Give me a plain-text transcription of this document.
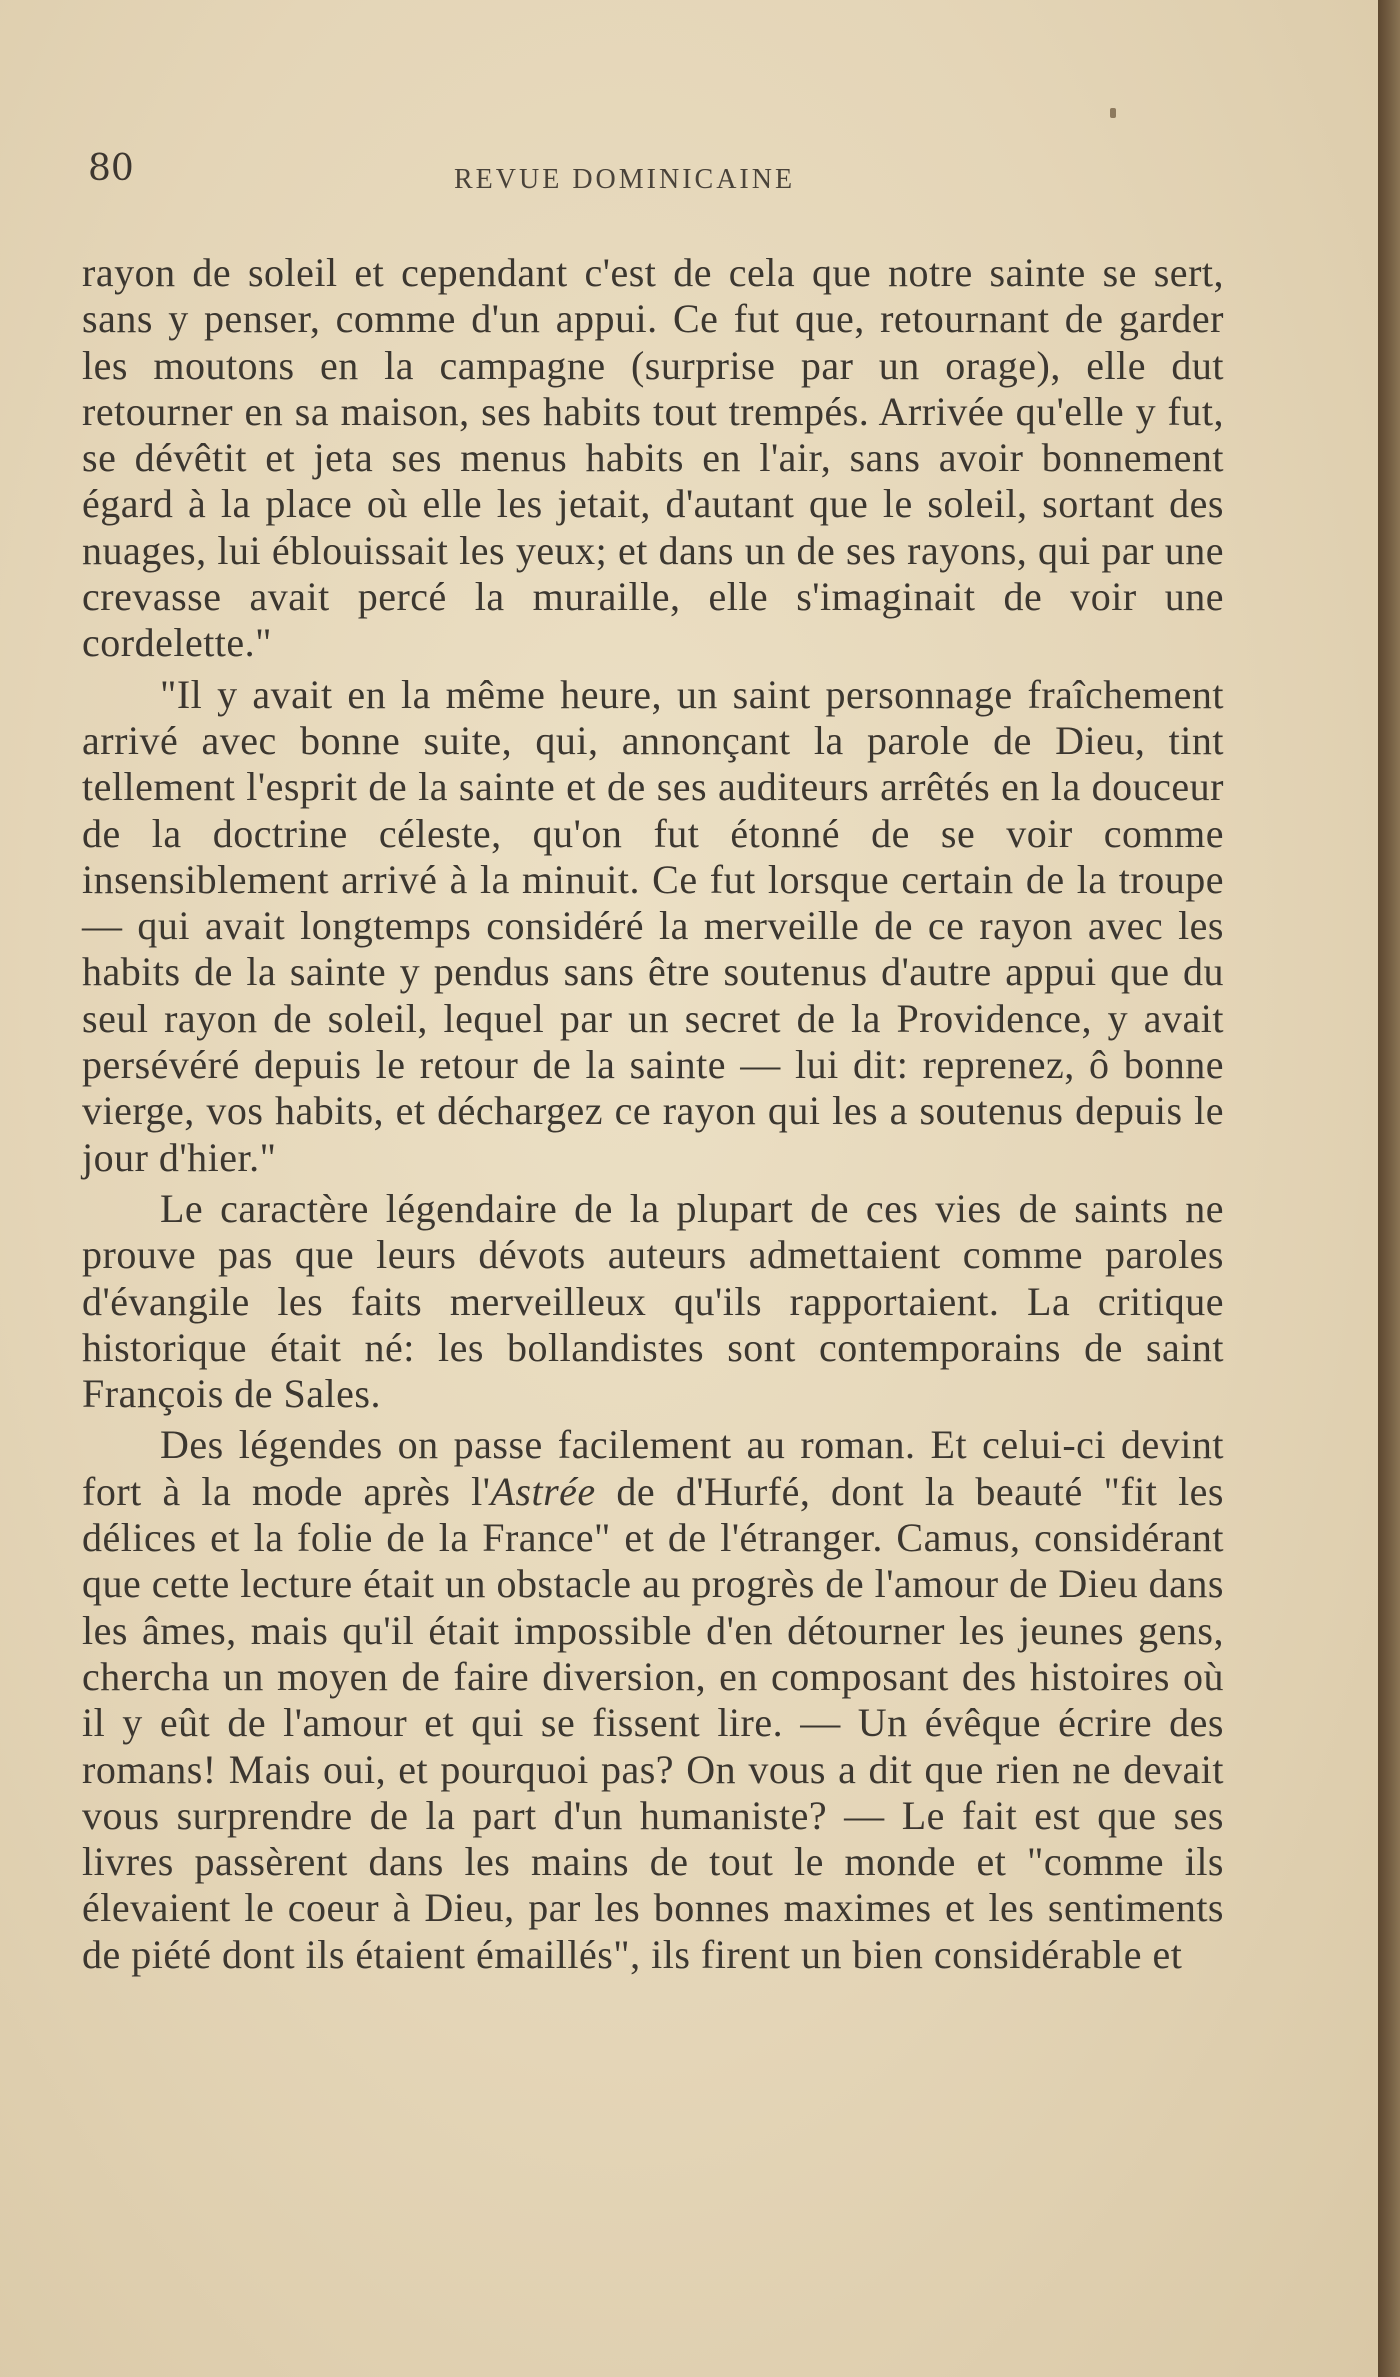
80	REVUE DOMINICAINE

rayon de soleil et cependant c'est de cela que notre sainte se sert, sans y penser, comme d'un appui. Ce fut que, retournant de garder les moutons en la campagne (surprise par un orage), elle dut retourner en sa maison, ses habits tout trempés. Arrivée qu'elle y fut, se dévêtit et jeta ses menus habits en l'air, sans avoir bonnement égard à la place où elle les jetait, d'autant que le soleil, sortant des nuages, lui éblouissait les yeux; et dans un de ses rayons, qui par une crevasse avait percé la muraille, elle s'imaginait de voir une cordelette."

"Il y avait en la même heure, un saint personnage fraîchement arrivé avec bonne suite, qui, annonçant la parole de Dieu, tint tellement l'esprit de la sainte et de ses auditeurs arrêtés en la douceur de la doctrine céleste, qu'on fut étonné de se voir comme insensiblement arrivé à la minuit. Ce fut lorsque certain de la troupe — qui avait longtemps considéré la merveille de ce rayon avec les habits de la sainte y pendus sans être soutenus d'autre appui que du seul rayon de soleil, lequel par un secret de la Providence, y avait persévéré depuis le retour de la sainte — lui dit: reprenez, ô bonne vierge, vos habits, et déchargez ce rayon qui les a soutenus depuis le jour d'hier."

Le caractère légendaire de la plupart de ces vies de saints ne prouve pas que leurs dévots auteurs admettaient comme paroles d'évangile les faits merveilleux qu'ils rapportaient. La critique historique était né: les bollandistes sont contemporains de saint François de Sales.

Des légendes on passe facilement au roman. Et celui-ci devint fort à la mode après l'Astrée de d'Hurfé, dont la beauté "fit les délices et la folie de la France" et de l'étranger. Camus, considérant que cette lecture était un obstacle au progrès de l'amour de Dieu dans les âmes, mais qu'il était impossible d'en détourner les jeunes gens, chercha un moyen de faire diversion, en composant des histoires où il y eût de l'amour et qui se fissent lire. — Un évêque écrire des romans! Mais oui, et pourquoi pas? On vous a dit que rien ne devait vous surprendre de la part d'un humaniste? — Le fait est que ses livres passèrent dans les mains de tout le monde et "comme ils élevaient le coeur à Dieu, par les bonnes maximes et les sentiments de piété dont ils étaient émaillés", ils firent un bien considérable et
